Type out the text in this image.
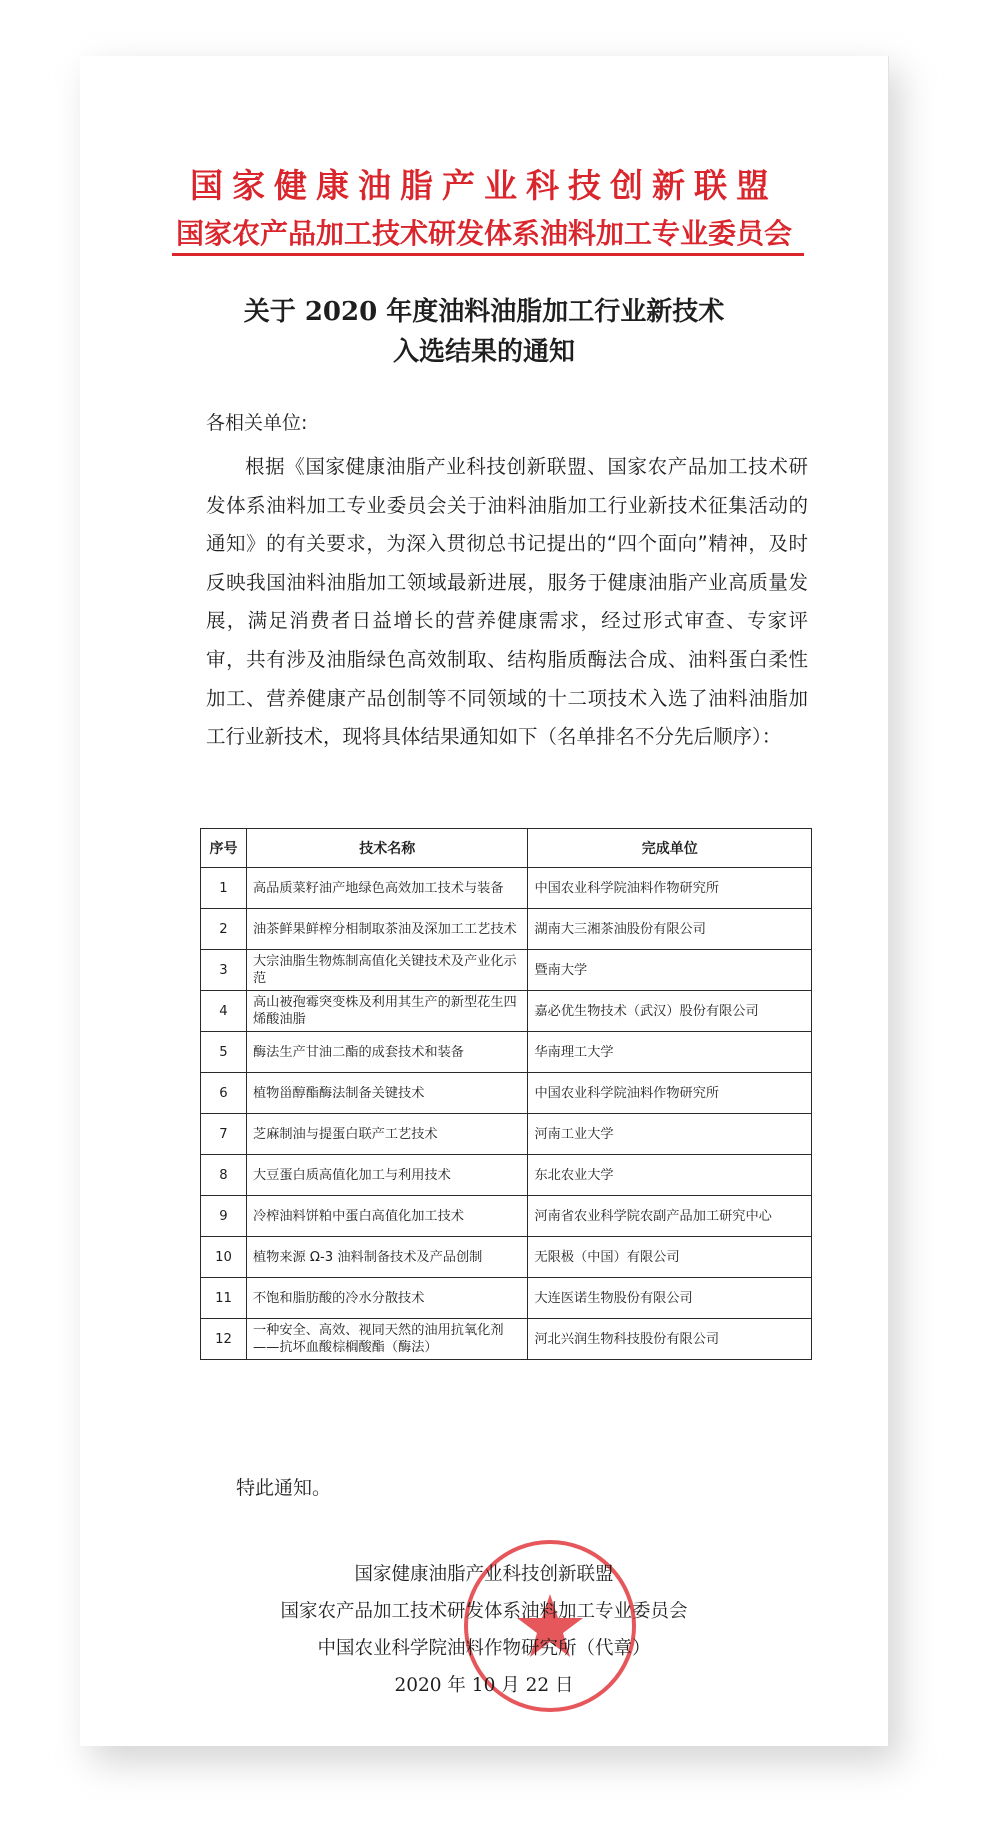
国家健康油脂产业科技创新联盟
国家农产品加工技术研发体系油料加工专业委员会
关于 2020 年度油料油脂加工行业新技术
入选结果的通知
各相关单位:
根据《国家健康油脂产业科技创新联盟、国家农产品加工技术研发体系油料加工专业委员会关于油料油脂加工行业新技术征集活动的通知》的有关要求，为深入贯彻总书记提出的“四个面向”精神，及时反映我国油料油脂加工领域最新进展，服务于健康油脂产业高质量发展，满足消费者日益增长的营养健康需求，经过形式审查、专家评审，共有涉及油脂绿色高效制取、结构脂质酶法合成、油料蛋白柔性加工、营养健康产品创制等不同领域的十二项技术入选了油料油脂加工行业新技术，现将具体结果通知如下（名单排名不分先后顺序）：
序号	技术名称	完成单位
1	高品质菜籽油产地绿色高效加工技术与装备	中国农业科学院油料作物研究所
2	油茶鲜果鲜榨分相制取茶油及深加工工艺技术	湖南大三湘茶油股份有限公司
3	大宗油脂生物炼制高值化关键技术及产业化示范	暨南大学
4	高山被孢霉突变株及利用其生产的新型花生四烯酸油脂	嘉必优生物技术（武汉）股份有限公司
5	酶法生产甘油二酯的成套技术和装备	华南理工大学
6	植物甾醇酯酶法制备关键技术	中国农业科学院油料作物研究所
7	芝麻制油与提蛋白联产工艺技术	河南工业大学
8	大豆蛋白质高值化加工与利用技术	东北农业大学
9	冷榨油料饼粕中蛋白高值化加工技术	河南省农业科学院农副产品加工研究中心
10	植物来源 Ω-3 油料制备技术及产品创制	无限极（中国）有限公司
11	不饱和脂肪酸的冷水分散技术	大连医诺生物股份有限公司
12	一种安全、高效、视同天然的油用抗氧化剂——抗坏血酸棕榈酸酯（酶法）	河北兴润生物科技股份有限公司
特此通知。
国家健康油脂产业科技创新联盟
国家农产品加工技术研发体系油料加工专业委员会
中国农业科学院油料作物研究所（代章）
2020 年 10 月 22 日
